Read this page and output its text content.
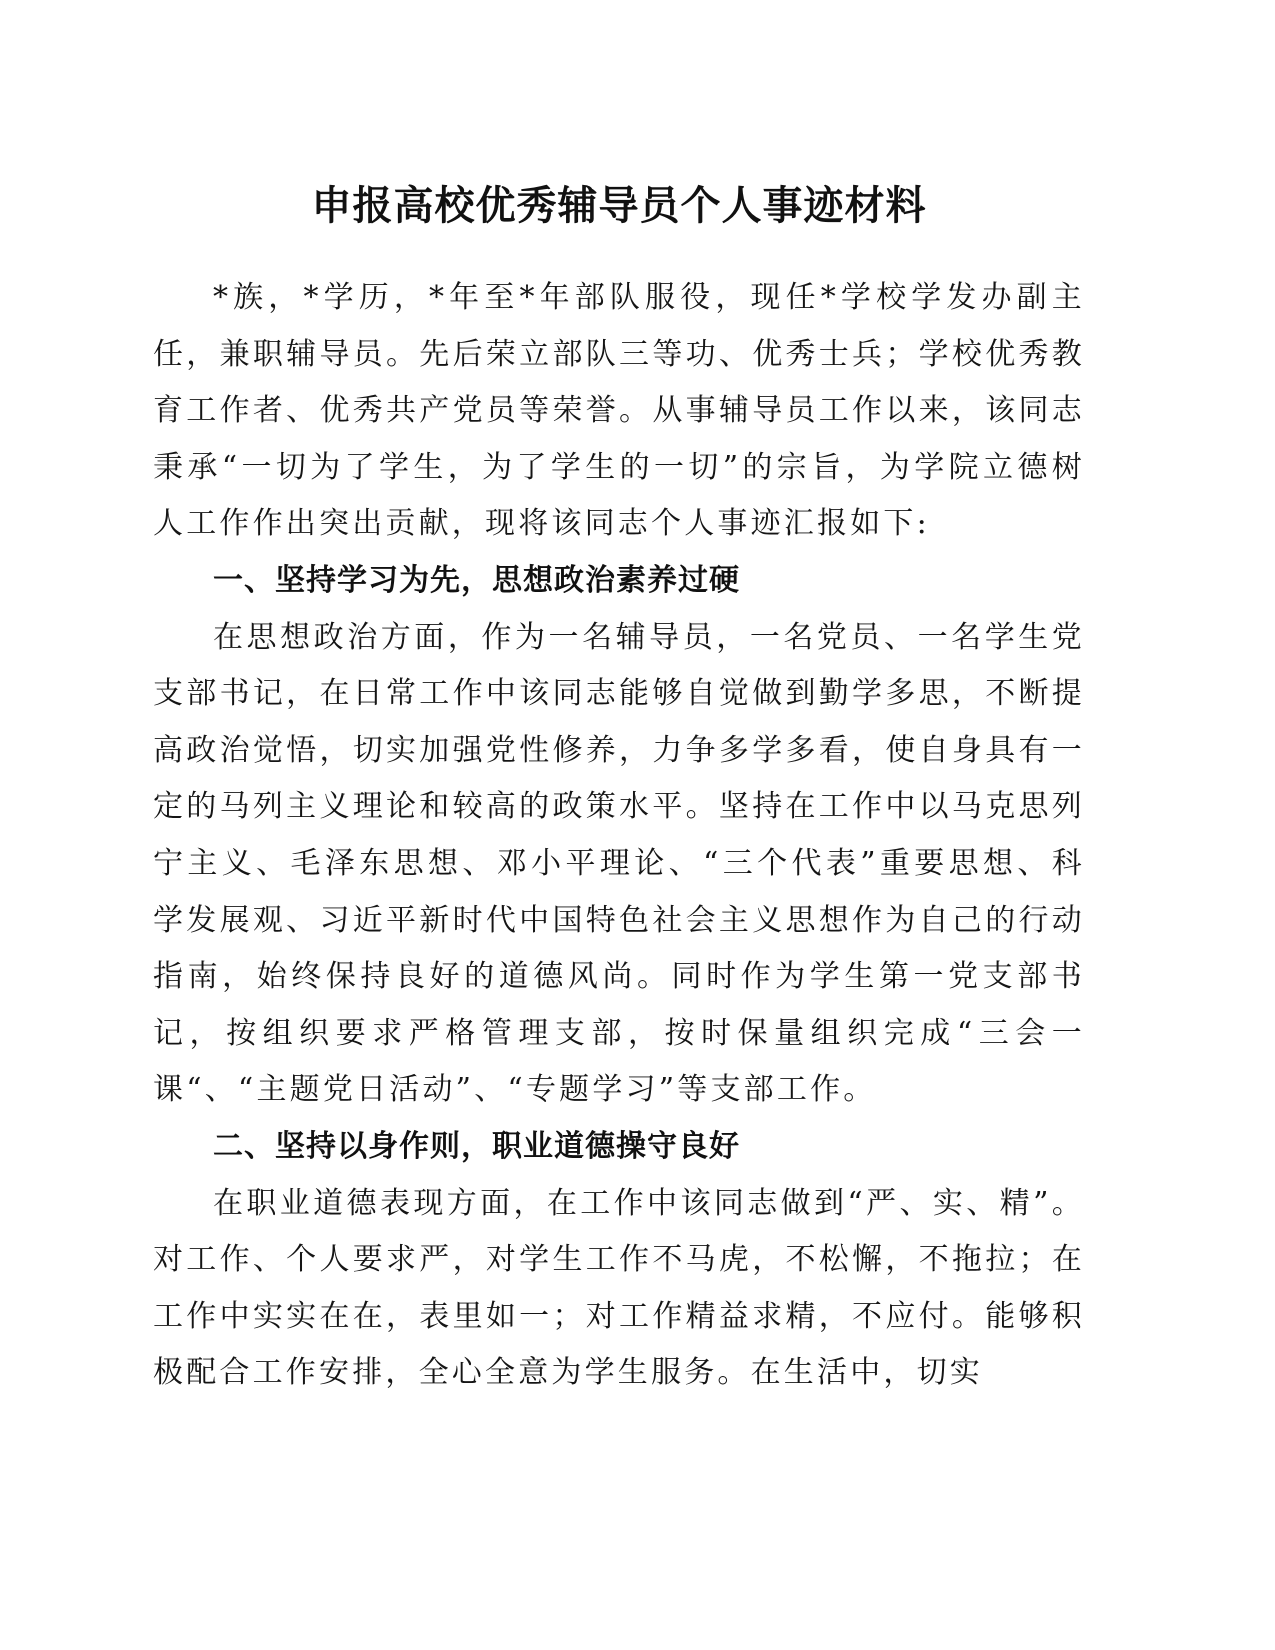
申报高校优秀辅导员个人事迹材料

*族，*学历，*年至*年部队服役，现任*学校学发办副主任，兼职辅导员。先后荣立部队三等功、优秀士兵；学校优秀教育工作者、优秀共产党员等荣誉。从事辅导员工作以来，该同志秉承“一切为了学生，为了学生的一切”的宗旨，为学院立德树人工作作出突出贡献，现将该同志个人事迹汇报如下:

一、坚持学习为先，思想政治素养过硬

在思想政治方面，作为一名辅导员，一名党员、一名学生党支部书记，在日常工作中该同志能够自觉做到勤学多思，不断提高政治觉悟，切实加强党性修养，力争多学多看，使自身具有一定的马列主义理论和较高的政策水平。坚持在工作中以马克思列宁主义、毛泽东思想、邓小平理论、“三个代表”重要思想、科学发展观、习近平新时代中国特色社会主义思想作为自己的行动指南，始终保持良好的道德风尚。同时作为学生第一党支部书记，按组织要求严格管理支部，按时保量组织完成“三会一课“、“主题党日活动”、“专题学习”等支部工作。

二、坚持以身作则，职业道德操守良好

在职业道德表现方面，在工作中该同志做到“严、实、精”。对工作、个人要求严，对学生工作不马虎，不松懈，不拖拉；在工作中实实在在，表里如一；对工作精益求精，不应付。能够积极配合工作安排，全心全意为学生服务。在生活中，切实
